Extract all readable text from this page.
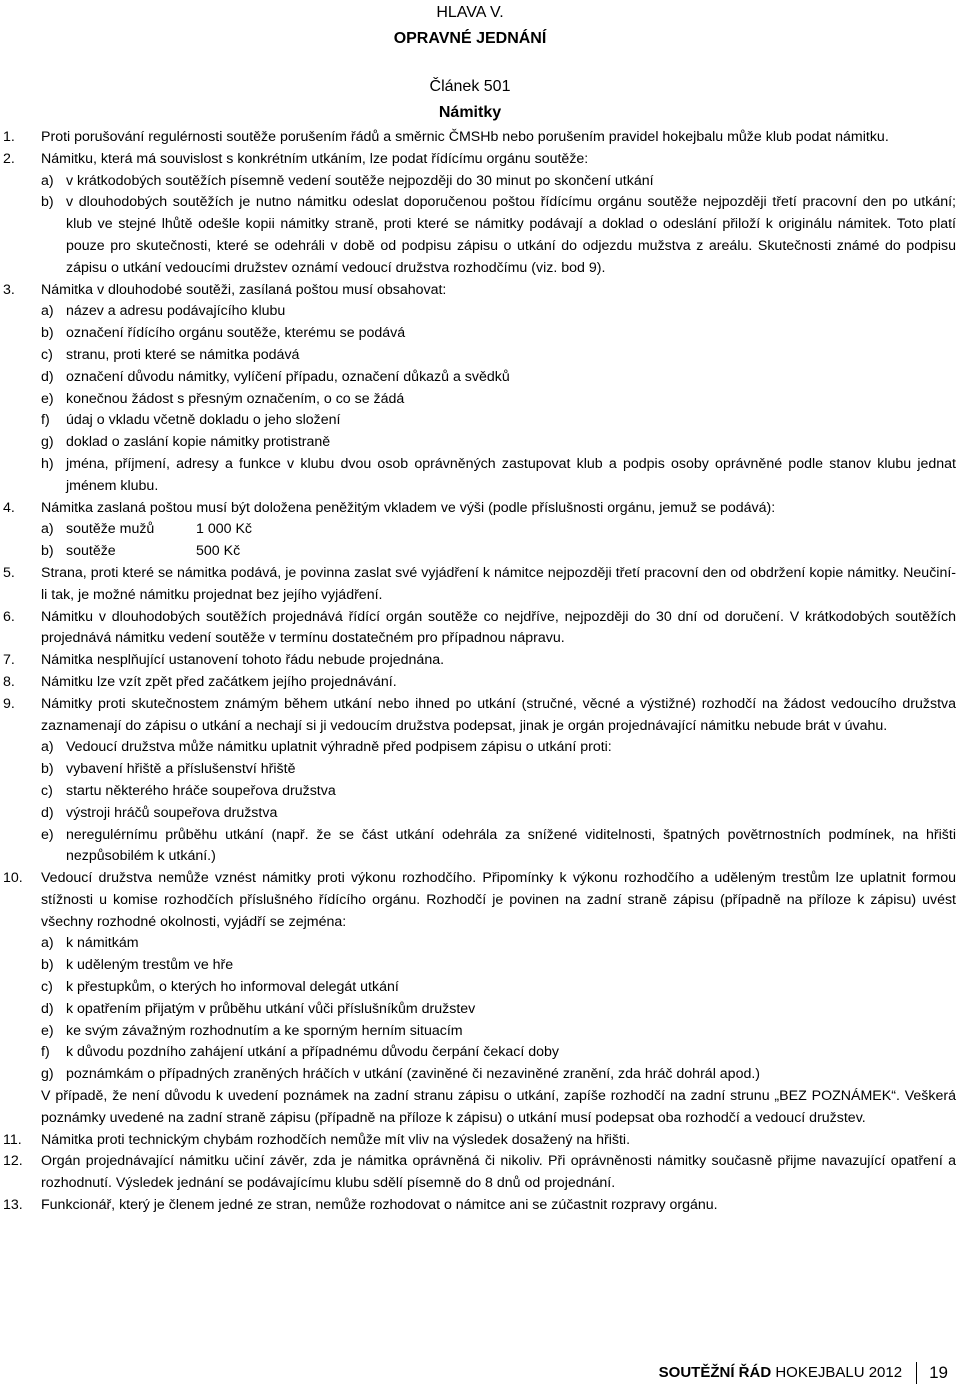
HLAVA V.
OPRAVNÉ JEDNÁNÍ
Článek 501
Námitky
1. Proti porušování regulérnosti soutěže porušením řádů a směrnic ČMSHb nebo porušením pravidel hokejbalu může klub podat námitku.
2. Námitku, která má souvislost s konkrétním utkáním, lze podat řídícímu orgánu soutěže:
a) v krátkodobých soutěžích písemně vedení soutěže nejpozději do 30 minut po skončení utkání
b) v dlouhodobých soutěžích je nutno námitku odeslat doporučenou poštou řídícímu orgánu soutěže nejpozději třetí pracovní den po utkání; klub ve stejné lhůtě odešle kopii námitky straně, proti které se námitky podávají a doklad o odeslání přiloží k originálu námitek. Toto platí pouze pro skutečnosti, které se odehráli v době od podpisu zápisu o utkání do odjezdu mužstva z areálu. Skutečnosti známé do podpisu zápisu o utkání vedoucími družstev oznámí vedoucí družstva rozhodčímu (viz. bod 9).
3. Námitka v dlouhodobé soutěži, zasílaná poštou musí obsahovat:
a) název a adresu podávajícího klubu
b) označení řídícího orgánu soutěže, kterému se podává
c) stranu, proti které se námitka podává
d) označení důvodu námitky, vylíčení případu, označení důkazů a svědků
e) konečnou žádost s přesným označením, o co se žádá
f) údaj o vkladu včetně dokladu o jeho složení
g) doklad o zaslání kopie námitky protistraně
h) jména, příjmení, adresy a funkce v klubu dvou osob oprávněných zastupovat klub a podpis osoby oprávněné podle stanov klubu jednat jménem klubu.
4. Námitka zaslaná poštou musí být doložena peněžitým vkladem ve výši (podle příslušnosti orgánu, jemuž se podává):
a) soutěže mužů	1 000 Kč
b) soutěže	500 Kč
5. Strana, proti které se námitka podává, je povinna zaslat své vyjádření k námitce nejpozději třetí pracovní den od obdržení kopie námitky. Neučiní-li tak, je možné námitku projednat bez jejího vyjádření.
6. Námitku v dlouhodobých soutěžích projednává řídící orgán soutěže co nejdříve, nejpozději do 30 dní od doručení. V krátkodobých soutěžích projednává námitku vedení soutěže v termínu dostatečném pro případnou nápravu.
7. Námitka nesplňující ustanovení tohoto řádu nebude projednána.
8. Námitku lze vzít zpět před začátkem jejího projednávání.
9. Námitky proti skutečnostem známým během utkání nebo ihned po utkání (stručné, věcné a výstižné) rozhodčí na žádost vedoucího družstva zaznamenají do zápisu o utkání a nechají si ji vedoucím družstva podepsat, jinak je orgán projednávající námitku nebude brát v úvahu.
a) Vedoucí družstva může námitku uplatnit výhradně před podpisem zápisu o utkání proti:
b) vybavení hřiště a příslušenství hřiště
c) startu některého hráče soupeřova družstva
d) výstroji hráčů soupeřova družstva
e) neregulérnímu průběhu utkání (např. že se část utkání odehrála za snížené viditelnosti, špatných povětrnostních podmínek, na hřišti nezpůsobilém k utkání.)
10. Vedoucí družstva nemůže vznést námitky proti výkonu rozhodčího. Připomínky k výkonu rozhodčího a uděleným trestům lze uplatnit formou stížnosti u komise rozhodčích příslušného řídícího orgánu. Rozhodčí je povinen na zadní straně zápisu (případně na příloze k zápisu) uvést všechny rozhodné okolnosti, vyjádří se zejména:
a) k námitkám
b) k uděleným trestům ve hře
c) k přestupkům, o kterých ho informoval delegát utkání
d) k opatřením přijatým v průběhu utkání vůči příslušníkům družstev
e) ke svým závažným rozhodnutím a ke sporným herním situacím
f) k důvodu pozdního zahájení utkání a případnému důvodu čerpání čekací doby
g) poznámkám o případných zraněných hráčích v utkání (zaviněné či nezaviněné zranění, zda hráč dohrál apod.)
V případě, že není důvodu k uvedení poznámek na zadní stranu zápisu o utkání, zapíše rozhodčí na zadní strunu „BEZ POZNÁMEK“. Veškerá poznámky uvedené na zadní straně zápisu (případně na příloze k zápisu) o utkání musí podepsat oba rozhodčí a vedoucí družstev.
11. Námitka proti technickým chybám rozhodčích nemůže mít vliv na výsledek dosažený na hřišti.
12. Orgán projednávající námitku učiní závěr, zda je námitka oprávněná či nikoliv. Při oprávněnosti námitky současně přijme navazující opatření a rozhodnutí. Výsledek jednání se podávajícímu klubu sdělí písemně do 8 dnů od projednání.
13. Funkcionář, který je členem jedné ze stran, nemůže rozhodovat o námitce ani se zúčastnit rozpravy orgánu.
SOUTĚŽNÍ ŘÁD HOKEJBALU 2012 19
